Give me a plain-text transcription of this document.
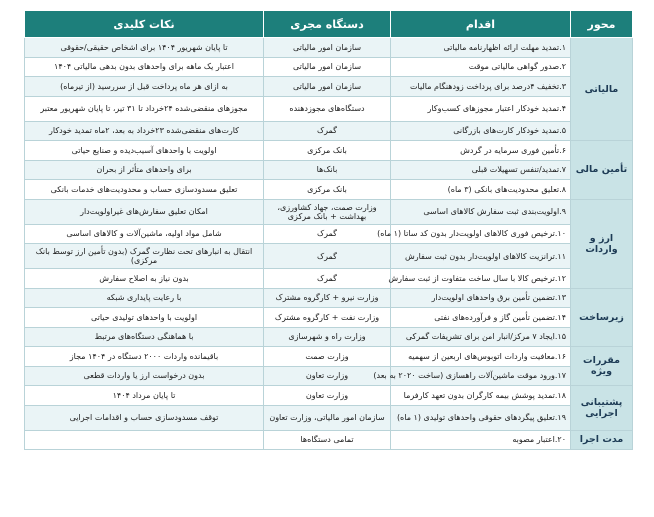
محور	اقدام	دستگاه مجری	نکات کلیدی
مالیاتی	۱.تمدید مهلت ارائه اظهارنامه مالیاتی	سازمان امور مالیاتی	تا پایان شهریور ۱۴۰۴ برای اشخاص حقیقی/حقوقی
	۲.صدور گواهی مالیاتی موقت	سازمان امور مالیاتی	اعتبار یک ماهه برای واحدهای بدون بدهی مالیاتی ۱۴۰۴
	۳.تخفیف ۴درصد برای پرداخت زودهنگام مالیات	سازمان امور مالیاتی	به ازای هر ماه پرداخت قبل از سررسید (از تیرماه)
	۴.تمدید خودکار اعتبار مجوزهای کسب‌وکار	دستگاه‌های مجوزدهنده	مجوزهای منقضی‌شده ۲۴خرداد تا ۳۱ تیر، تا پایان شهریور معتبر
	۵.تمدید خودکار کارت‌های بازرگانی	گمرک	کارت‌های منقضی‌شده ۲۳خرداد به بعد، ۲ماه تمدید خودکار
تأمین مالی	۶.تأمین فوری سرمایه در گردش	بانک مرکزی	اولویت با واحدهای آسیب‌دیده و صنایع حیاتی
	۷.تمدید/تنفس تسهیلات قبلی	بانک‌ها	برای واحدهای متأثر از بحران
	۸.تعلیق محدودیت‌های بانکی (۳ ماه)	بانک مرکزی	تعلیق مسدودسازی حساب و محدودیت‌های خدمات بانکی
ارز و واردات	۹.اولویت‌بندی ثبت سفارش کالاهای اساسی	وزارت صمت، جهاد کشاورزی، بهداشت + بانک مرکزی	امکان تعلیق سفارش‌های غیراولویت‌دار
	۱۰.ترخیص فوری کالاهای اولویت‌دار بدون کد ساتا (۱ ماه)	گمرک	شامل مواد اولیه، ماشین‌آلات و کالاهای اساسی
	۱۱.ترانزیت کالاهای اولویت‌دار بدون ثبت سفارش	گمرک	انتقال به انبارهای تحت نظارت گمرک (بدون تأمین ارز توسط بانک مرکزی)
	۱۲.ترخیص کالا با سال ساخت متفاوت از ثبت سفارش	گمرک	بدون نیاز به اصلاح سفارش
زیرساخت	۱۳.تضمین تأمین برق واحدهای اولویت‌دار	وزارت نیرو + کارگروه مشترک	با رعایت پایداری شبکه
	۱۴.تضمین تأمین گاز و فرآورده‌های نفتی	وزارت نفت + کارگروه مشترک	اولویت با واحدهای تولیدی حیاتی
	۱۵.ایجاد ۷ مرکز/انبار امن برای تشریفات گمرکی	وزارت راه و شهرسازی	با هماهنگی دستگاه‌های مرتبط
مقررات ویژه	۱۶.معافیت واردات اتوبوس‌های اربعین از سهمیه	وزارت صمت	باقیمانده واردات ۲۰۰۰ دستگاه در ۱۴۰۴ مجاز
	۱۷.ورود موقت ماشین‌آلات راهسازی (ساخت ۲۰۲۰ به بعد)	وزارت تعاون	بدون درخواست ارز یا واردات قطعی
پشتیبانی اجرایی	۱۸.تمدید پوشش بیمه کارگران بدون تعهد کارفرما	وزارت تعاون	تا پایان مرداد ۱۴۰۴
	۱۹.تعلیق پیگردهای حقوقی واحدهای تولیدی (۱ ماه)	سازمان امور مالیاتی، وزارت تعاون	توقف مسدودسازی حساب و اقدامات اجرایی
مدت اجرا	۲۰.اعتبار مصوبه	تمامی دستگاه‌ها	
